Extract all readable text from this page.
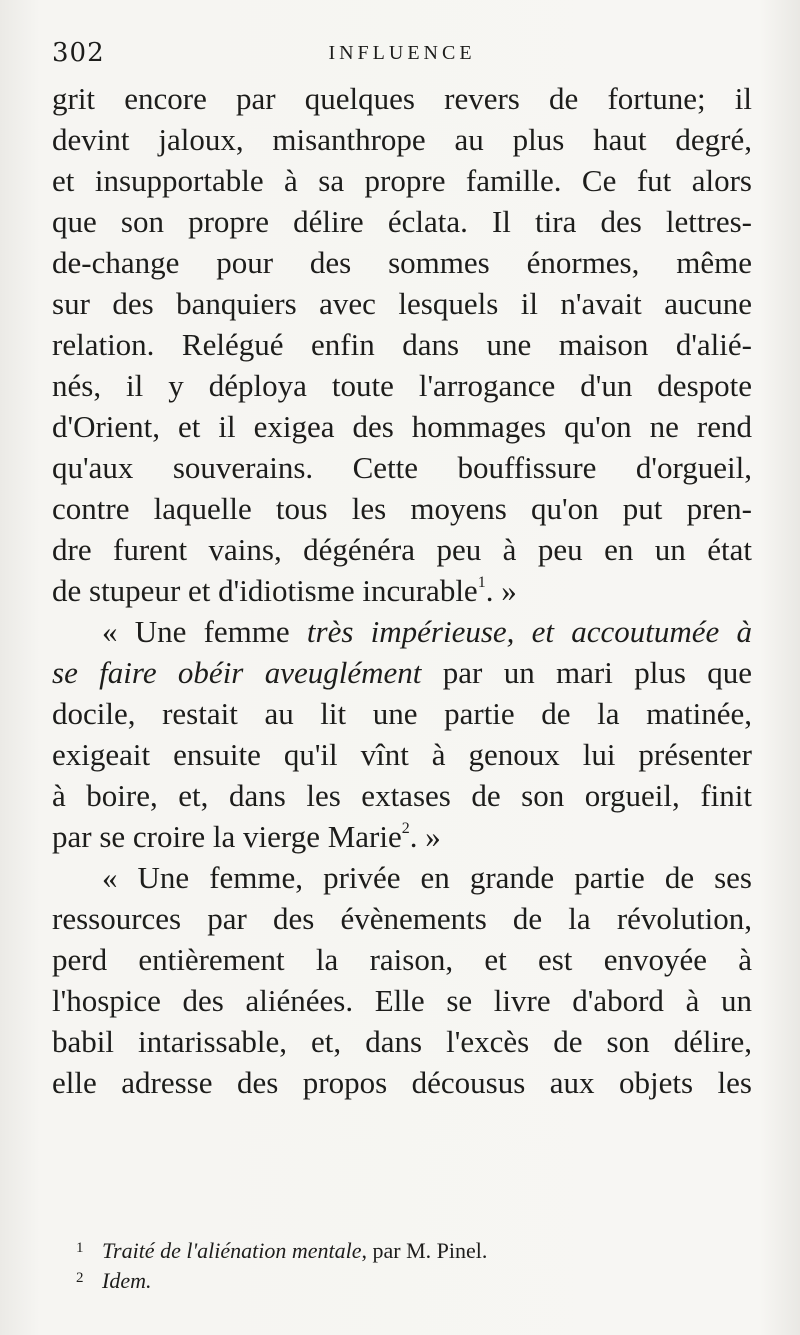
302	INFLUENCE
grit encore par quelques revers de fortune; il
devint jaloux, misanthrope au plus haut degré,
et insupportable à sa propre famille. Ce fut alors
que son propre délire éclata. Il tira des lettres-
de-change pour des sommes énormes, même
sur des banquiers avec lesquels il n'avait aucune
relation. Relégué enfin dans une maison d'alié-
nés, il y déploya toute l'arrogance d'un despote
d'Orient, et il exigea des hommages qu'on ne rend
qu'aux souverains. Cette bouffissure d'orgueil,
contre laquelle tous les moyens qu'on put pren-
dre furent vains, dégénéra peu à peu en un état
de stupeur et d'idiotisme incurable$^1$. »
« Une femme très impérieuse, et accoutumée à
se faire obéir aveuglément par un mari plus que
docile, restait au lit une partie de la matinée,
exigeait ensuite qu'il vînt à genoux lui présenter
à boire, et, dans les extases de son orgueil, finit
par se croire la vierge Marie$^2$. »
« Une femme, privée en grande partie de ses
ressources par des évènements de la révolution,
perd entièrement la raison, et est envoyée à
l'hospice des aliénées. Elle se livre d'abord à un
babil intarissable, et, dans l'excès de son délire,
elle adresse des propos décousus aux objets les
1 Traité de l'aliénation mentale, par M. Pinel.
2 Idem.
